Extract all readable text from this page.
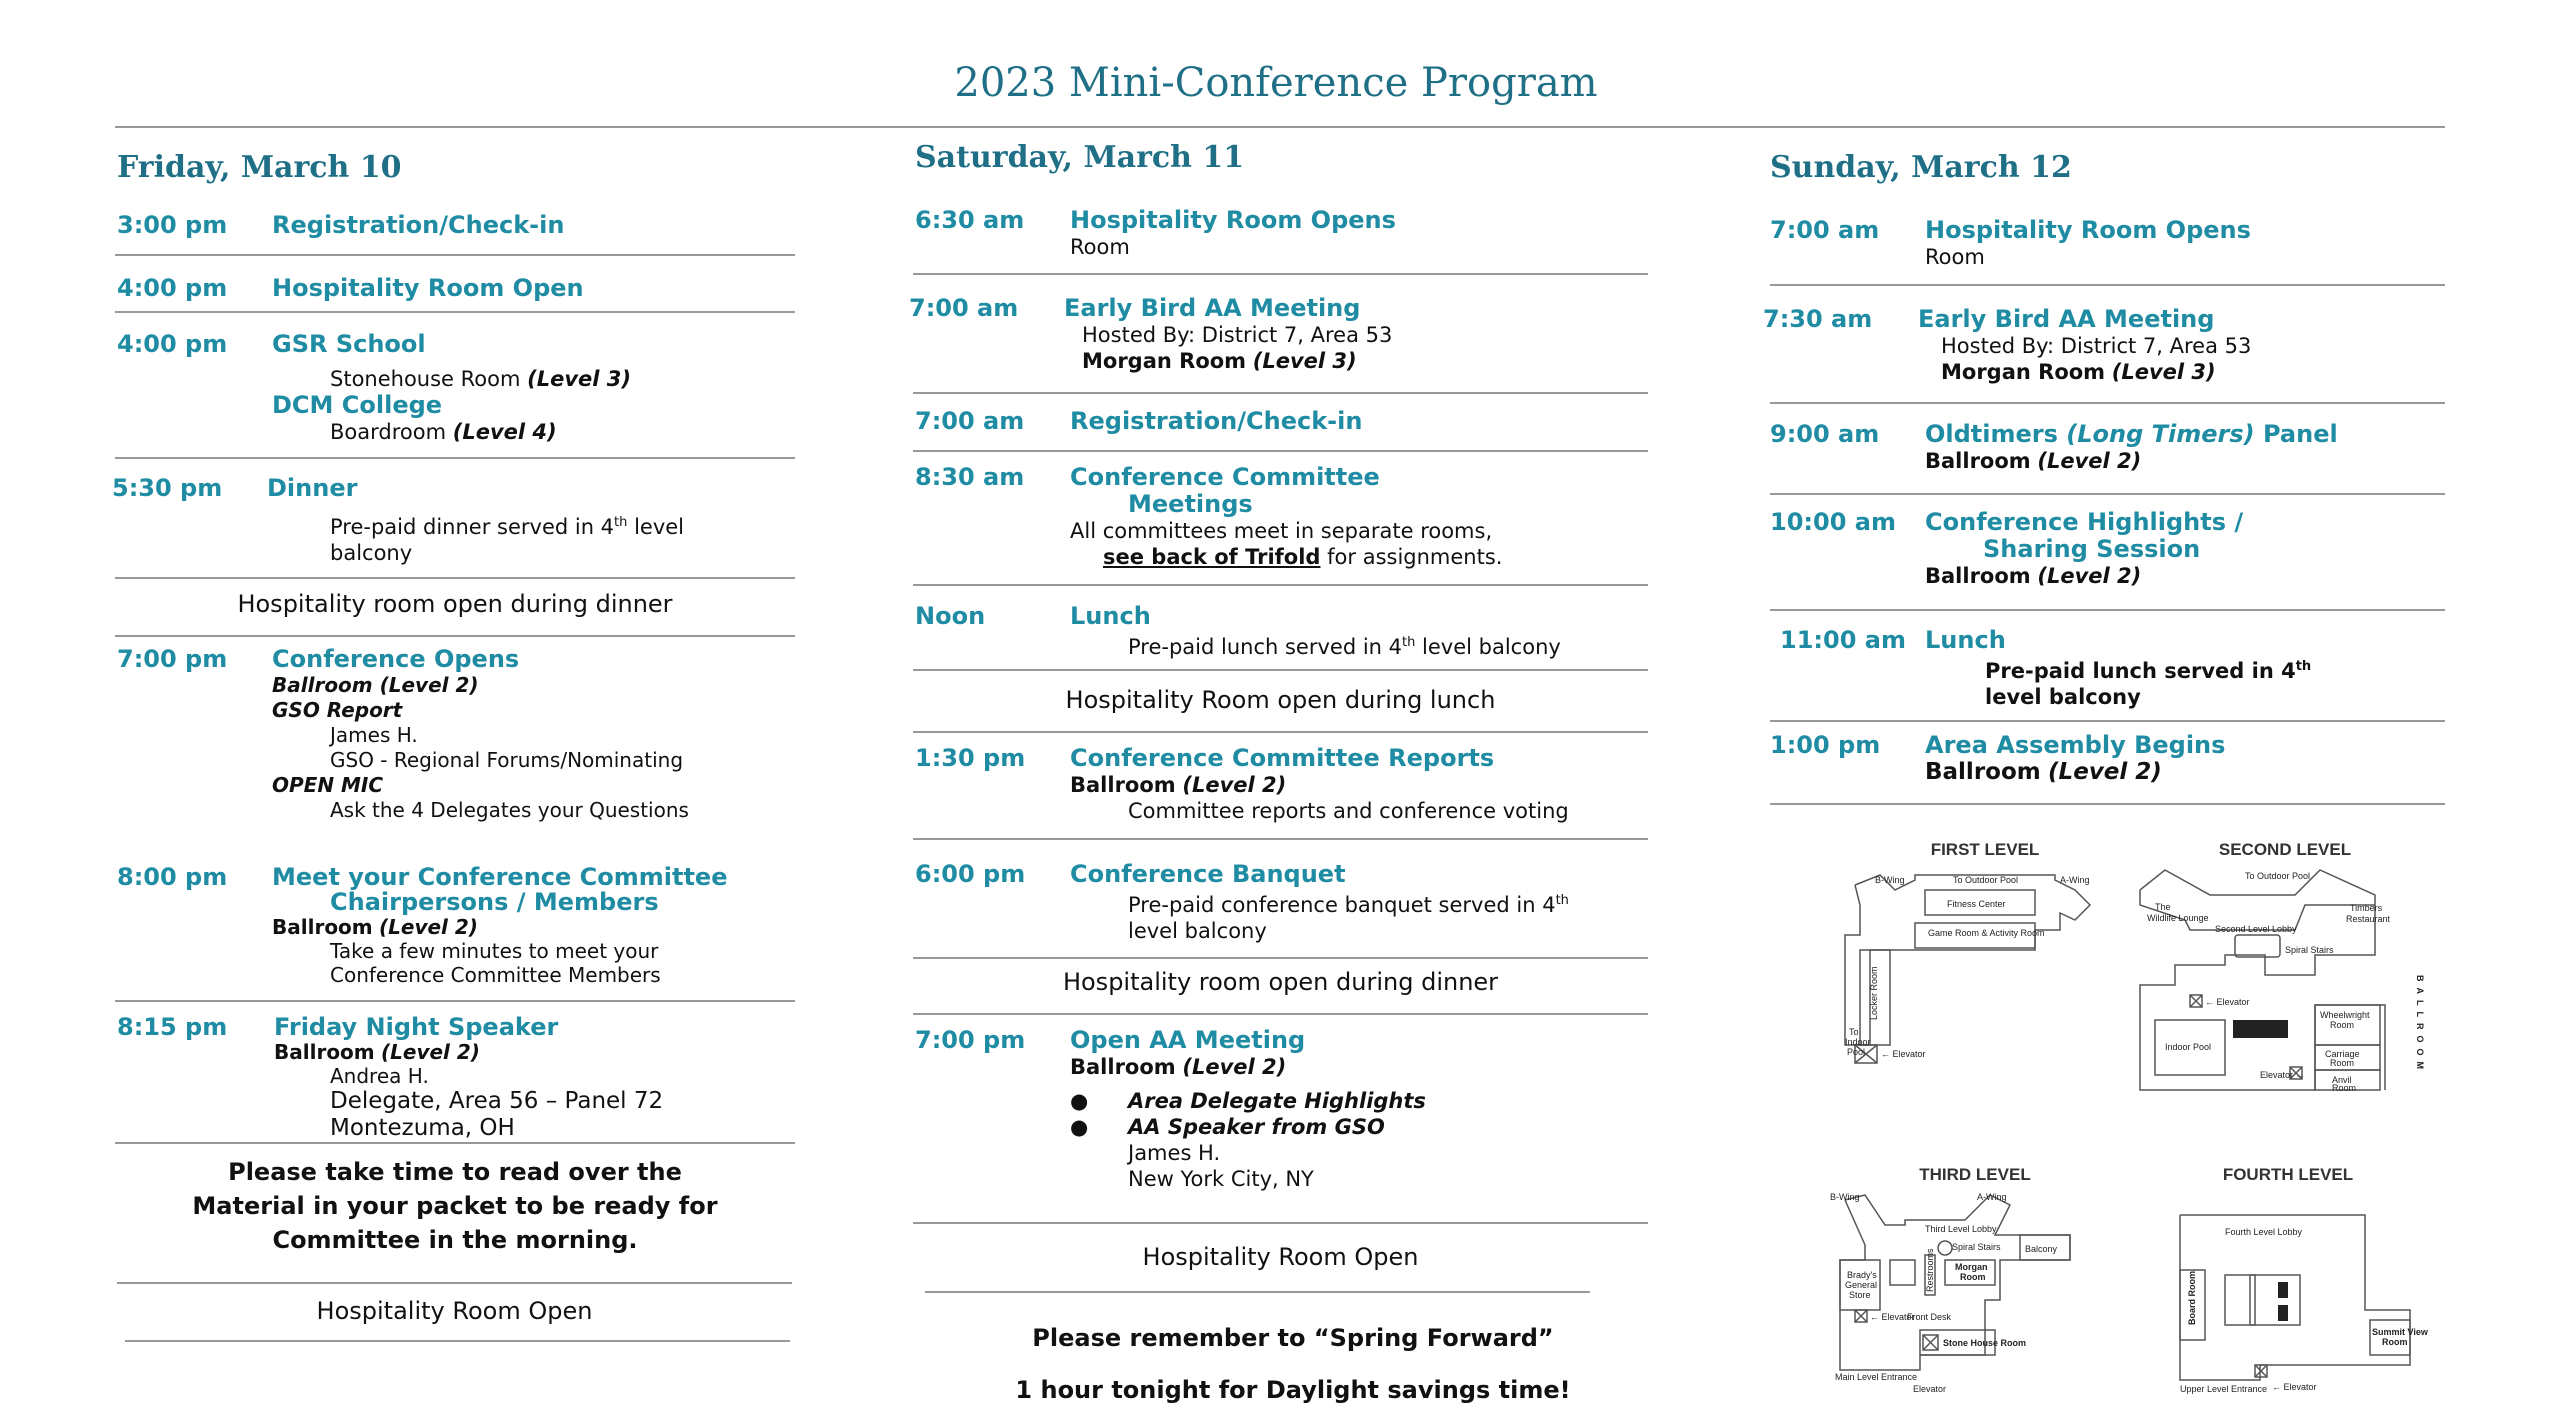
2023 Mini-Conference Program
Friday, March 10
3:00 pm Registration/Check-in
4:00 pm Hospitality Room Open
4:00 pm GSR School
Stonehouse Room (Level 3)
DCM College
Boardroom (Level 4)
5:30 pm Dinner
Pre-paid dinner served in 4th level
balcony
Hospitality room open during dinner
7:00 pm Conference Opens
Ballroom (Level 2)
GSO Report
James H.
GSO - Regional Forums/Nominating
OPEN MIC
Ask the 4 Delegates your Questions
8:00 pm Meet your Conference Committee
Chairpersons / Members
Ballroom (Level 2)
Take a few minutes to meet your
Conference Committee Members
8:15 pm Friday Night Speaker
Ballroom (Level 2)
Andrea H.
Delegate, Area 56 – Panel 72
Montezuma, OH
Please take time to read over the
Material in your packet to be ready for
Committee in the morning.
Hospitality Room Open
Saturday, March 11
6:30 am Hospitality Room Opens
Room
7:00 am Early Bird AA Meeting
Hosted By: District 7, Area 53
Morgan Room (Level 3)
7:00 am Registration/Check-in
8:30 am Conference Committee
Meetings
All committees meet in separate rooms,
see back of Trifold for assignments.
Noon	Lunch
Pre-paid lunch served in 4th level balcony
Hospitality Room open during lunch
1:30 pm Conference Committee Reports
Ballroom (Level 2)
Committee reports and conference voting
6:00 pm Conference Banquet
Pre-paid conference banquet served in 4th
level balcony
Hospitality room open during dinner
7:00 pm Open AA Meeting
Ballroom (Level 2)
● Area Delegate Highlights
● AA Speaker from GSO
James H.
New York City, NY
Hospitality Room Open
Please remember to “Spring Forward”
1 hour tonight for Daylight savings time!
Sunday, March 12
7:00 am Hospitality Room Opens
Room
7:30 am Early Bird AA Meeting
Hosted By: District 7, Area 53
Morgan Room (Level 3)
9:00 am Oldtimers (Long Timers) Panel
Ballroom (Level 2)
10:00 am Conference Highlights /
Sharing Session
Ballroom (Level 2)
11:00 am Lunch
Pre-paid lunch served in 4th
level balcony
1:00 pm Area Assembly Begins
Ballroom (Level 2)
FIRST LEVEL
B-Wing	To Outdoor Pool	A-Wing
Fitness Center
Game Room & Activity Room
Locker Room
To
Indoor
Pool ← Elevator
SECOND LEVEL
To Outdoor Pool
The
Wildlife Lounge
Timbers
Restaurant
Second Level Lobby
Spiral Stairs
← Elevator
Indoor Pool
Wheelwright
Room
Carriage
Room
Anvil
Room
Elevator →	BALLROOM
THIRD LEVEL
B-Wing	A-Wing
Third Level Lobby
Spiral Stairs	Balcony
Brady's
General
Store
Restrooms Morgan
Room
← Elevator
Front Desk
Main Level Entrance
Stone House Room
Elevator
FOURTH LEVEL
Fourth Level Lobby
Board Room
Summit View
Room
Upper Level Entrance ← Elevator
